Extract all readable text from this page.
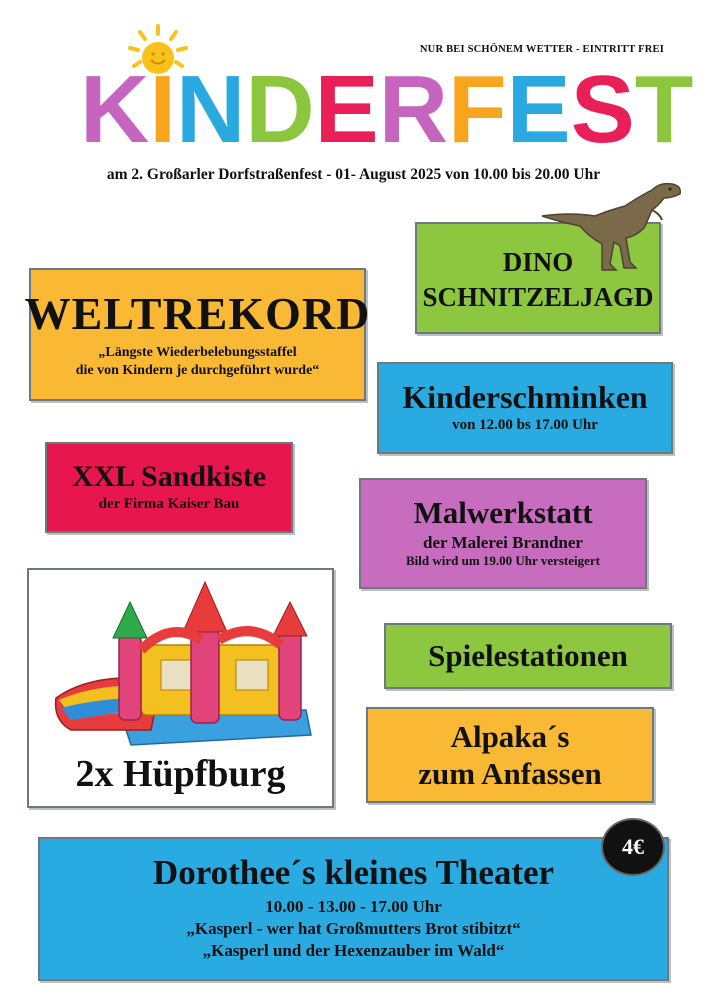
NUR BEI SCHÖNEM WETTER - EINTRITT FREI
K I N D E R F E S T
am 2. Großarler Dorfstraßenfest - 01- August 2025 von 10.00 bis 20.00 Uhr
DINO
SCHNITZELJAGD
WELTREKORD
„Längste Wiederbelebungsstaffel
die von Kindern je durchgeführt wurde“
Kinderschminken
von 12.00 bs 17.00 Uhr
XXL Sandkiste
der Firma Kaiser Bau	Malwerkstatt
der Malerei Brandner
Bild wird um 19.00 Uhr versteigert
2x Hüpfburg
Spielestationen
Alpaka´s
zum Anfassen
Dorothee´s kleines Theater
10.00 - 13.00 - 17.00 Uhr
„Kasperl - wer hat Großmutters Brot stibitzt“
„Kasperl und der Hexenzauber im Wald“
4€
